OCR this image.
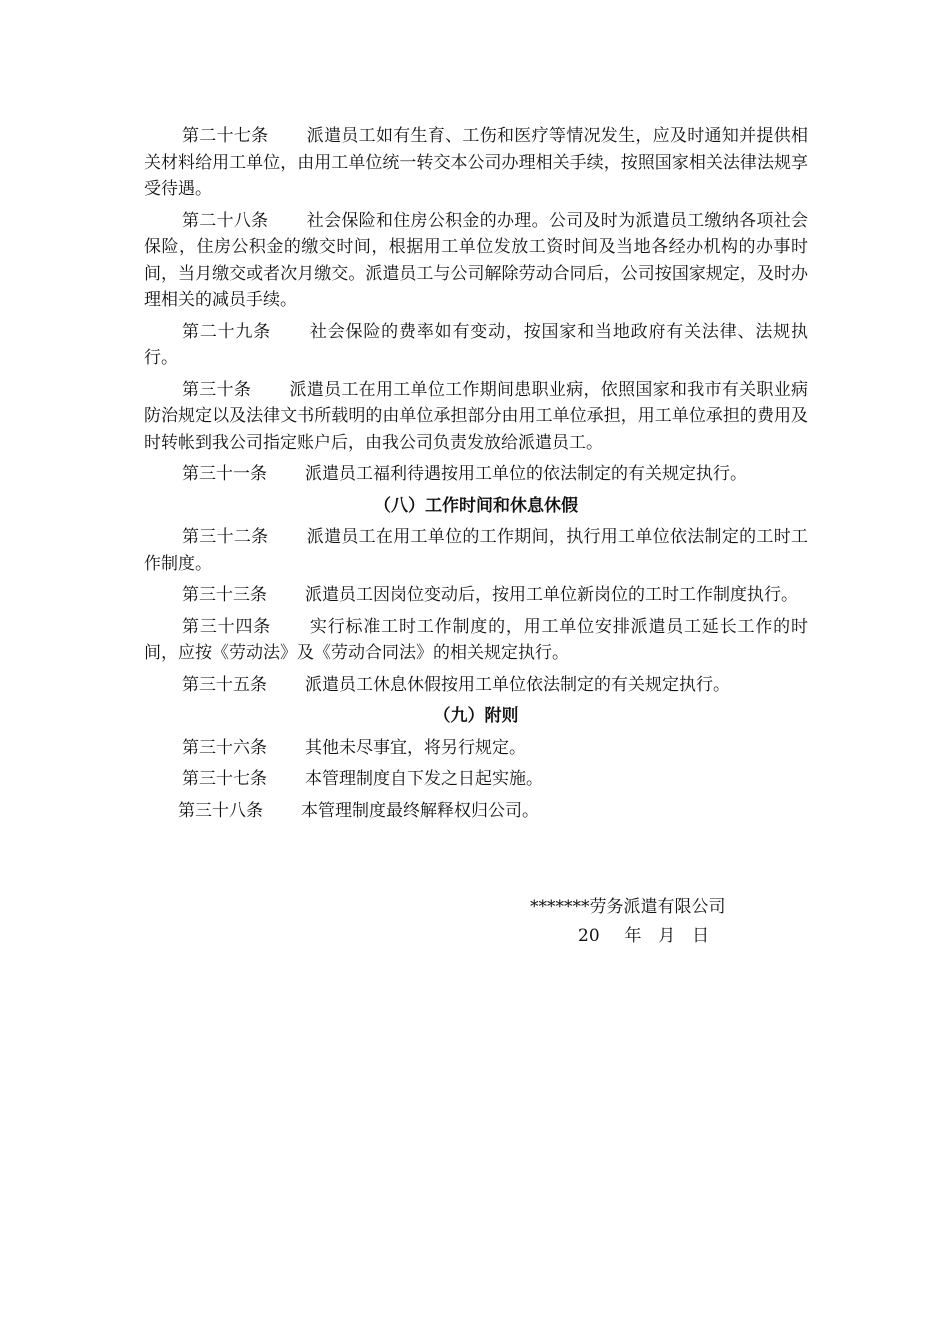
第二十七条 派遣员工如有生育、工伤和医疗等情况发生，应及时通知并提供相关材料给用工单位，由用工单位统一转交本公司办理相关手续，按照国家相关法律法规享受待遇。

第二十八条 社会保险和住房公积金的办理。公司及时为派遣员工缴纳各项社会保险，住房公积金的缴交时间，根据用工单位发放工资时间及当地各经办机构的办事时间，当月缴交或者次月缴交。派遣员工与公司解除劳动合同后，公司按国家规定，及时办理相关的减员手续。

第二十九条 社会保险的费率如有变动，按国家和当地政府有关法律、法规执行。

第三十条 派遣员工在用工单位工作期间患职业病，依照国家和我市有关职业病防治规定以及法律文书所载明的由单位承担部分由用工单位承担，用工单位承担的费用及时转帐到我公司指定账户后，由我公司负责发放给派遣员工。

第三十一条 派遣员工福利待遇按用工单位的依法制定的有关规定执行。

（八）工作时间和休息休假

第三十二条 派遣员工在用工单位的工作期间，执行用工单位依法制定的工时工作制度。

第三十三条 派遣员工因岗位变动后，按用工单位新岗位的工时工作制度执行。

第三十四条 实行标准工时工作制度的，用工单位安排派遣员工延长工作的时间，应按《劳动法》及《劳动合同法》的相关规定执行。

第三十五条 派遣员工休息休假按用工单位依法制定的有关规定执行。

（九）附则

第三十六条 其他未尽事宜，将另行规定。

第三十七条 本管理制度自下发之日起实施。

第三十八条 本管理制度最终解释权归公司。

*******劳务派遣有限公司
20 年 月 日
